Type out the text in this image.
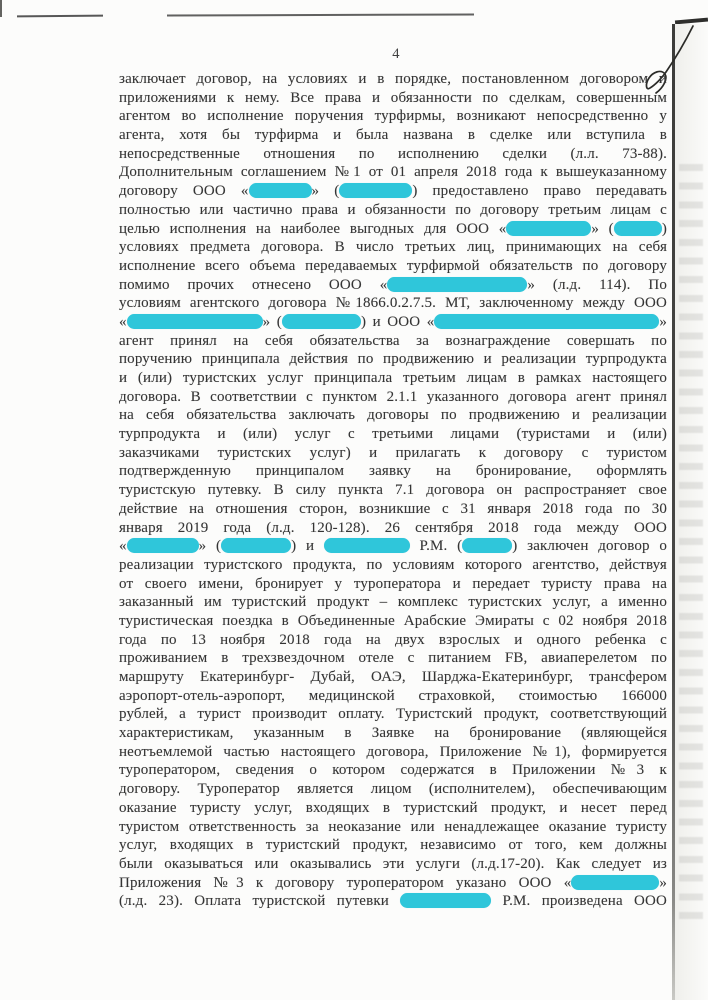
4
заключает договор, на условиях и в порядке, постановленном договором и
приложениями к нему. Все права и обязанности по сделкам, совершенным
агентом во исполнение поручения турфирмы, возникают непосредственно у
агента, хотя бы турфирма и была названа в сделке или вступила в
непосредственные отношения по исполнению сделки (л.л. 73-88).
Дополнительным соглашением №1 от 01 апреля 2018 года к вышеуказанному
договору ООО «	» (	) предоставлено право передавать
полностью или частично права и обязанности по договору третьим лицам с
целью исполнения на наиболее выгодных для ООО «	» (	)
условиях предмета договора. В число третьих лиц, принимающих на себя
исполнение всего объема передаваемых турфирмой обязательств по договору
помимо прочих отнесено ООО «	» (л.д. 114). По
условиям агентского договора №1866.0.2.7.5. МТ, заключенному между ООО
«	» (	) и ООО «	»
агент принял на себя обязательства за вознаграждение совершать по
поручению принципала действия по продвижению и реализации турпродукта
и (или) туристских услуг принципала третьим лицам в рамках настоящего
договора. В соответствии с пунктом 2.1.1 указанного договора агент принял
на себя обязательства заключать договоры по продвижению и реализации
турпродукта и (или) услуг с третьими лицами (туристами и (или)
заказчиками туристских услуг) и прилагать к договору с туристом
подтвержденную принципалом заявку на бронирование, оформлять
туристскую путевку. В силу пункта 7.1 договора он распространяет свое
действие на отношения сторон, возникшие с 31 января 2018 года по 30
января 2019 года (л.д. 120-128). 26 сентября 2018 года между ООО
«	» (	) и	Р.М. (	) заключен договор о
реализации туристского продукта, по условиям которого агентство, действуя
от своего имени, бронирует у туроператора и передает туристу права на
заказанный им туристский продукт – комплекс туристских услуг, а именно
туристическая поездка в Объединенные Арабские Эмираты с 02 ноября 2018
года по 13 ноября 2018 года на двух взрослых и одного ребенка с
проживанием в трехзвездочном отеле с питанием FB, авиаперелетом по
маршруту Екатеринбург- Дубай, ОАЭ, Шарджа-Екатеринбург, трансфером
аэропорт-отель-аэропорт, медицинской страховкой, стоимостью 166000
рублей, а турист производит оплату. Туристский продукт, соответствующий
характеристикам, указанным в Заявке на бронирование (являющейся
неотъемлемой частью настоящего договора, Приложение №1), формируется
туроператором, сведения о котором содержатся в Приложении №3 к
договору. Туроператор является лицом (исполнителем), обеспечивающим
оказание туристу услуг, входящих в туристский продукт, и несет перед
туристом ответственность за неоказание или ненадлежащее оказание туристу
услуг, входящих в туристский продукт, независимо от того, кем должны
были оказываться или оказывались эти услуги (л.д.17-20). Как следует из
Приложения №3 к договору туроператором указано ООО «	»
(л.д. 23). Оплата туристской путевки	Р.М. произведена ООО
